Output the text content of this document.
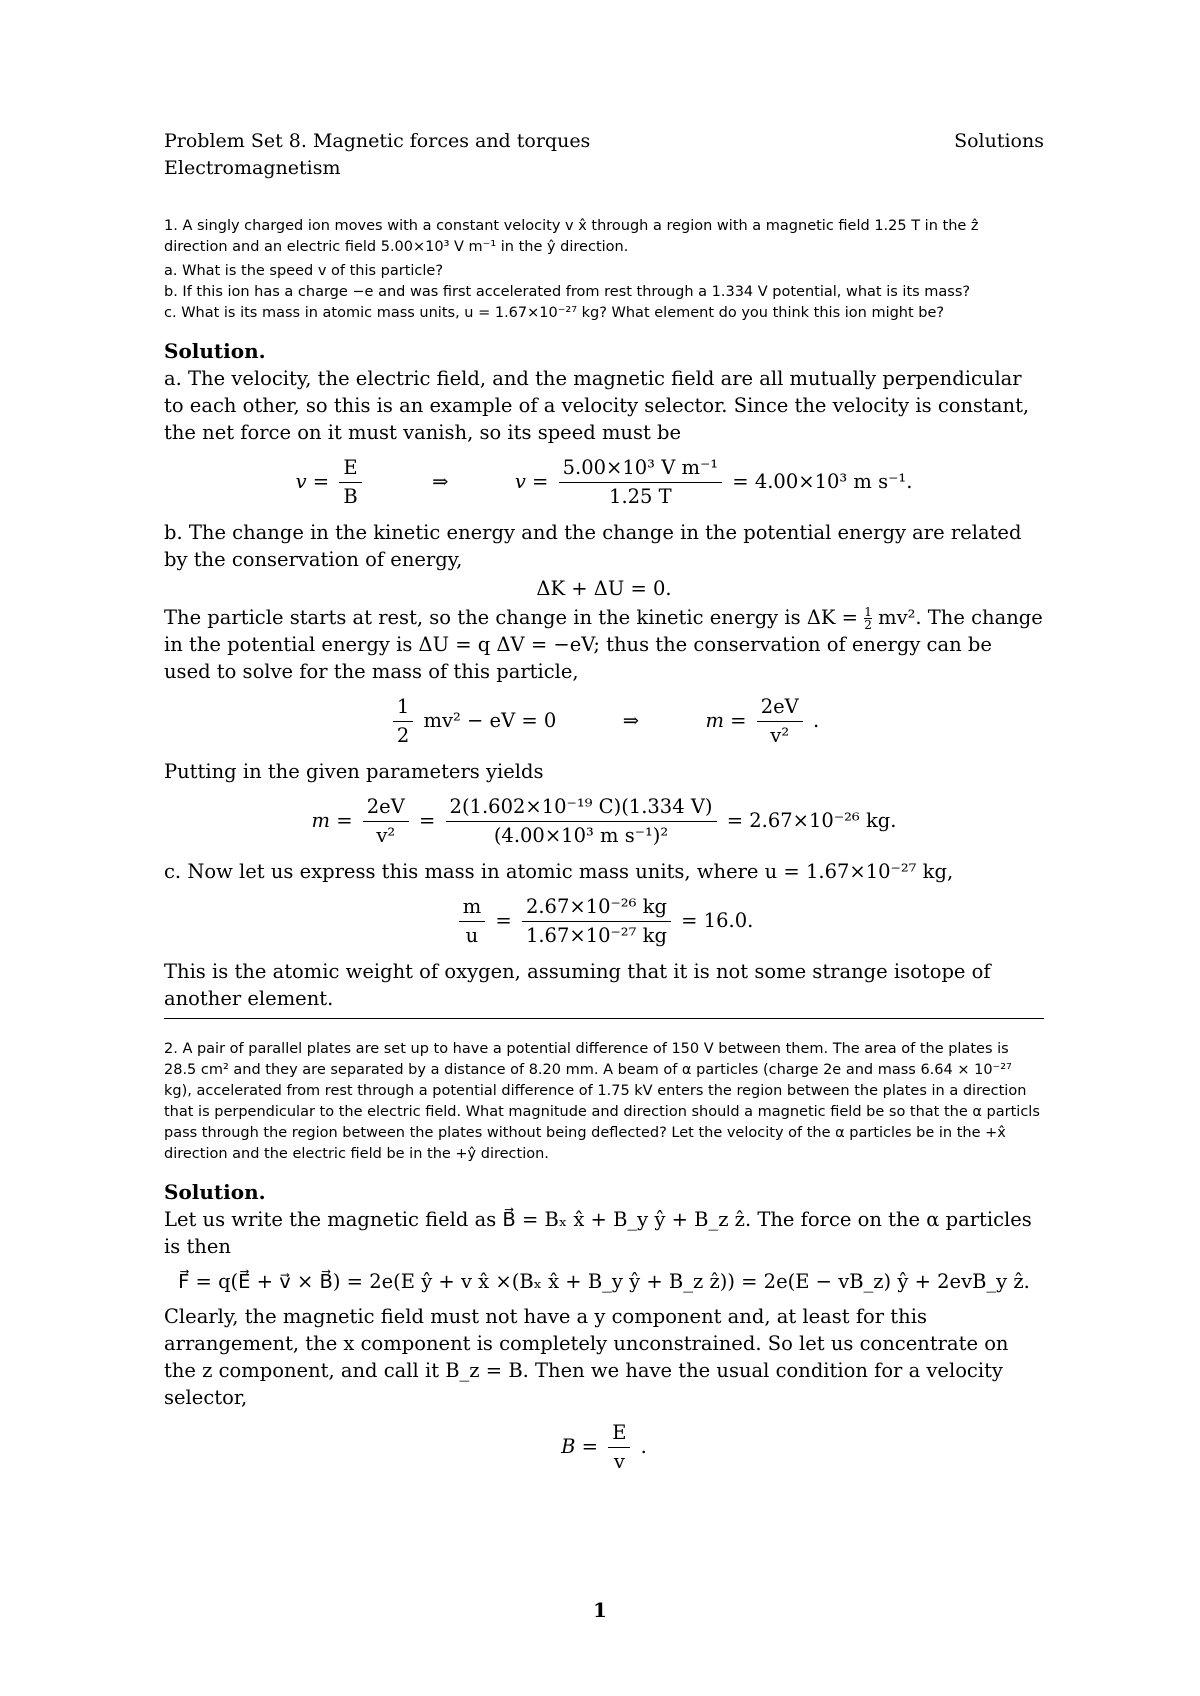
Problem Set 8. Magnetic forces and torques	Solutions
Electromagnetism
1. A singly charged ion moves with a constant velocity v x̂ through a region with a magnetic field 1.25 T in the ẑ direction and an electric field 5.00×10³ V m⁻¹ in the ŷ direction.
a. What is the speed v of this particle?
b. If this ion has a charge −e and was first accelerated from rest through a 1.334 V potential, what is its mass?
c. What is its mass in atomic mass units, u = 1.67×10⁻²⁷ kg? What element do you think this ion might be?
Solution.
a. The velocity, the electric field, and the magnetic field are all mutually perpendicular to each other, so this is an example of a velocity selector. Since the velocity is constant, the net force on it must vanish, so its speed must be
$v = \frac{E}{B}$	⇒	$v = \frac{\text{5.00×10³ V m⁻¹}}{1.25 T} = 4.00\times 10^3$ m s⁻¹.
b. The change in the kinetic energy and the change in the potential energy are related by the conservation of energy,
ΔK + ΔU = 0.
The particle starts at rest, so the change in the kinetic energy is $\Delta K = \frac{1}{2} mv^2$. The change in the potential energy is ΔU = q ΔV = −eV; thus the conservation of energy can be used to solve for the mass of this particle,
$\frac{1}{2} mv^2$ − eV = 0	⇒	$m = \frac{2eV}{\text{v²}}$ .
Putting in the given parameters yields
$m = \frac{2eV}{\text{v²}} = \frac{\text{2(1.602×10⁻¹⁹ C)(1.334 V)}}{\text{(4.00×10³ m s⁻¹)²}} = 2.67\times 10^{-26}$ kg.
c. Now let us express this mass in atomic mass units, where u = 1.67×10⁻²⁷ kg,
$\frac{m}{u} = \frac{\text{2.67×10⁻²⁶ kg}}{\text{1.67×10⁻²⁷ kg}} = 16.0$.
This is the atomic weight of oxygen, assuming that it is not some strange isotope of another element.
2. A pair of parallel plates are set up to have a potential difference of 150 V between them. The area of the plates is 28.5 cm² and they are separated by a distance of 8.20 mm. A beam of α particles (charge 2e and mass 6.64 × 10⁻²⁷ kg), accelerated from rest through a potential difference of 1.75 kV enters the region between the plates in a direction that is perpendicular to the electric field. What magnitude and direction should a magnetic field be so that the α particls pass through the region between the plates without being deflected? Let the velocity of the α particles be in the +x̂ direction and the electric field be in the +ŷ direction.
Solution.
Let us write the magnetic field as B⃗ = Bₓ x̂ + B_y ŷ + B_z ẑ. The force on the α particles is then
F⃗ = q(E⃗ + v⃗ × B⃗) = 2e(E ŷ + v x̂ ×(Bₓ x̂ + B_y ŷ + B_z ẑ)) = 2e(E − vB_z) ŷ + 2evB_y ẑ.
Clearly, the magnetic field must not have a y component and, at least for this arrangement, the x component is completely unconstrained. So let us concentrate on the z component, and call it B_z = B. Then we have the usual condition for a velocity selector,
$B = \frac{E}{v}$ .
1
